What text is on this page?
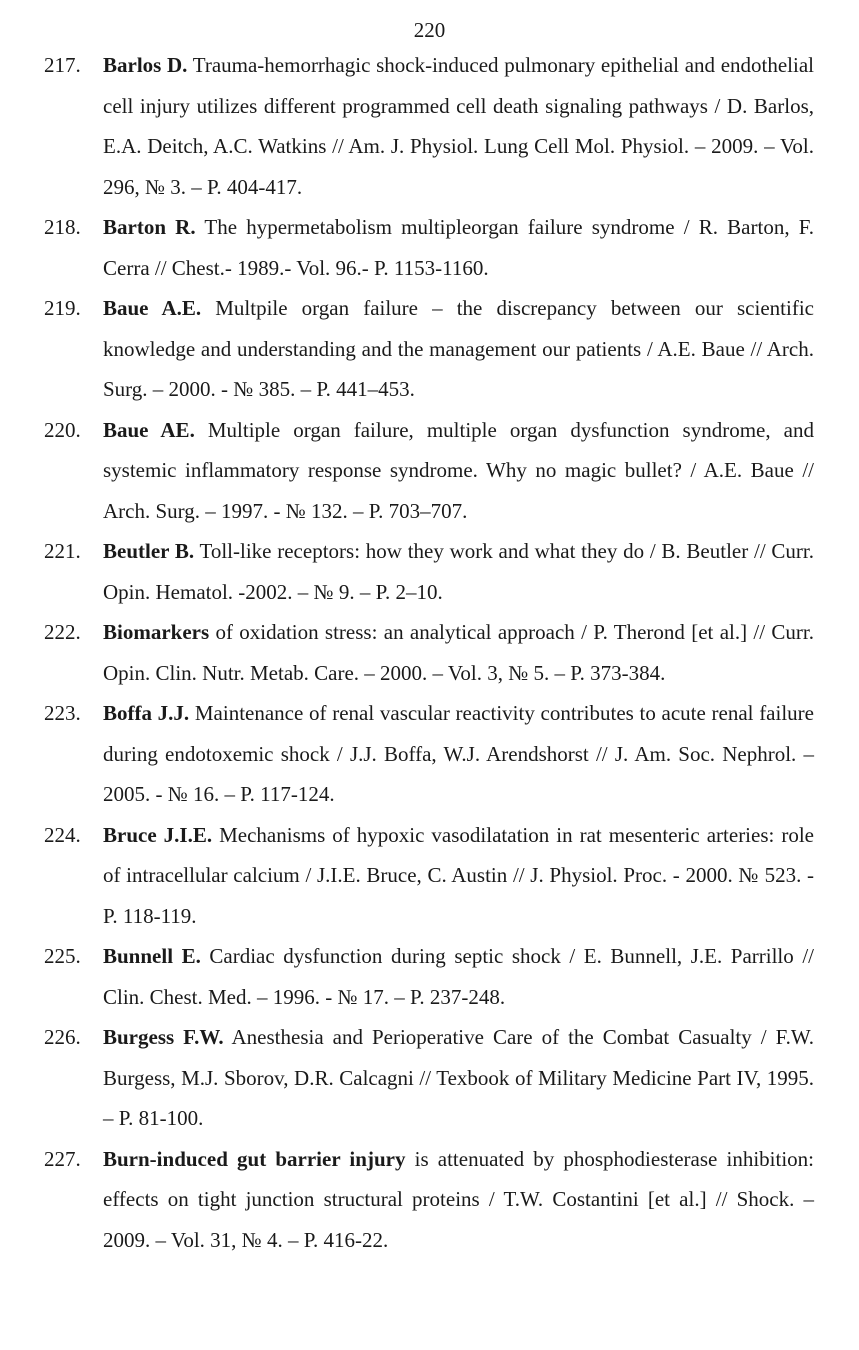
220
217.	Barlos D. Trauma-hemorrhagic shock-induced pulmonary epithelial and endothelial cell injury utilizes different programmed cell death signaling pathways / D. Barlos, E.A. Deitch, A.C. Watkins // Am. J. Physiol. Lung Cell Mol. Physiol. – 2009. – Vol. 296, № 3. – P. 404-417.
218.	Barton R. The hypermetabolism multipleorgan failure syndrome / R. Barton, F. Cerra // Chest.- 1989.- Vol. 96.- P. 1153-1160.
219.	Baue A.E. Multpile organ failure – the discrepancy between our scientific knowledge and understanding and the management our patients / A.E. Baue // Arch. Surg. – 2000. - № 385. – P. 441–453.
220.	Baue AE. Multiple organ failure, multiple organ dysfunction syndrome, and systemic inflammatory response syndrome. Why no magic bullet? / A.E. Baue // Arch. Surg. – 1997. - № 132. – P. 703–707.
221.	Beutler B. Toll-like receptors: how they work and what they do / B. Beutler // Curr. Opin. Hematol. -2002. – № 9. – P. 2–10.
222.	Biomarkers of oxidation stress: an analytical approach / P. Therond [et al.] // Curr. Opin. Clin. Nutr. Metab. Care. – 2000. – Vol. 3, № 5. – P. 373-384.
223.	Boffa J.J. Maintenance of renal vascular reactivity contributes to acute renal failure during endotoxemic shock / J.J. Boffa, W.J. Arendshorst // J. Am. Soc. Nephrol. – 2005. - № 16. – P. 117-124.
224.	Bruce J.I.E. Mechanisms of hypoxic vasodilatation in rat mesenteric arteries: role of intracellular calcium / J.I.E. Bruce, C. Austin // J. Physiol. Proc. - 2000. № 523. - P. 118-119.
225.	Bunnell E. Cardiac dysfunction during septic shock / E. Bunnell, J.E. Parrillo // Clin. Chest. Med. – 1996. - № 17. – P. 237-248.
226.	Burgess F.W. Anesthesia and Perioperative Care of the Combat Casualty / F.W. Burgess, M.J. Sborov, D.R. Calcagni // Texbook of Military Medicine Part IV, 1995. – P. 81-100.
227.	Burn-induced gut barrier injury is attenuated by phosphodiesterase inhibition: effects on tight junction structural proteins / T.W. Costantini [et al.] // Shock. – 2009. – Vol. 31, № 4. – P. 416-22.
